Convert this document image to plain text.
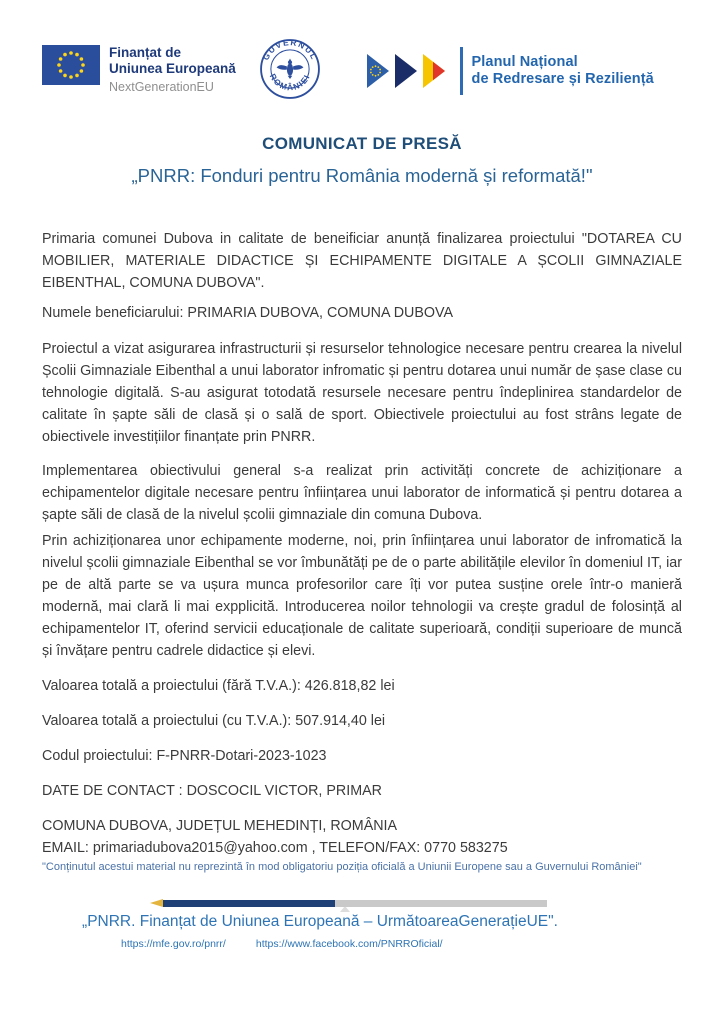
Finanțat de
Uniunea Europeană
NextGenerationEU
GUVERNUL
ROMÂNIEI
Planul Național
de Redresare și Reziliență
COMUNICAT DE PRESĂ
„PNRR: Fonduri pentru România modernă și reformată!"

Primaria comunei Dubova in calitate de beneificiar anunță finalizarea proiectului "DOTAREA CU MOBILIER, MATERIALE DIDACTICE ȘI ECHIPAMENTE DIGITALE A ȘCOLII GIMNAZIALE EIBENTHAL, COMUNA DUBOVA".

Numele beneficiarului: PRIMARIA DUBOVA, COMUNA DUBOVA

Proiectul a vizat asigurarea infrastructurii și resurselor tehnologice necesare pentru crearea la nivelul Școlii Gimnaziale Eibenthal a unui laborator infromatic și pentru dotarea unui număr de șase clase cu tehnologie digitală. S-au asigurat totodată resursele necesare pentru îndeplinirea standardelor de calitate în șapte săli de clasă și o sală de sport. Obiectivele proiectului au fost strâns legate de obiectivele investițiilor finanțate prin PNRR.

Implementarea obiectivului general s-a realizat prin activități concrete de achiziționare a echipamentelor digitale necesare pentru înființarea unui laborator de informatică și pentru dotarea a șapte săli de clasă de la nivelul școlii gimnaziale din comuna Dubova.

Prin achiziționarea unor echipamente moderne, noi, prin înființarea unui laborator de infromatică la nivelul școlii gimnaziale Eibenthal se vor îmbunătăți pe de o parte abilitățile elevilor în domeniul IT, iar pe de altă parte se va ușura munca profesorilor care îți vor putea susține orele într-o manieră modernă, mai clară li mai expplicită. Introducerea noilor tehnologii va crește gradul de folosință al echipamentelor IT, oferind servicii educaționale de calitate superioară, condiții superioare de muncă și învățare pentru cadrele didactice și elevi.

Valoarea totală a proiectului (fără T.V.A.): 426.818,82 lei

Valoarea totală a proiectului (cu T.V.A.): 507.914,40 lei

Codul proiectului: F-PNRR-Dotari-2023-1023

DATE DE CONTACT : DOSCOCIL VICTOR, PRIMAR

COMUNA DUBOVA, JUDEȚUL MEHEDINȚI, ROMÂNIA

EMAIL: primariadubova2015@yahoo.com , TELEFON/FAX: 0770 583275

"Conținutul acestui material nu reprezintă în mod obligatoriu poziția oficială a Uniunii Europene sau a Guvernului României"
„PNRR. Finanțat de Uniunea Europeană – UrmătoareaGenerațieUE".
https://mfe.gov.ro/pnrr/	https://www.facebook.com/PNRROficial/
